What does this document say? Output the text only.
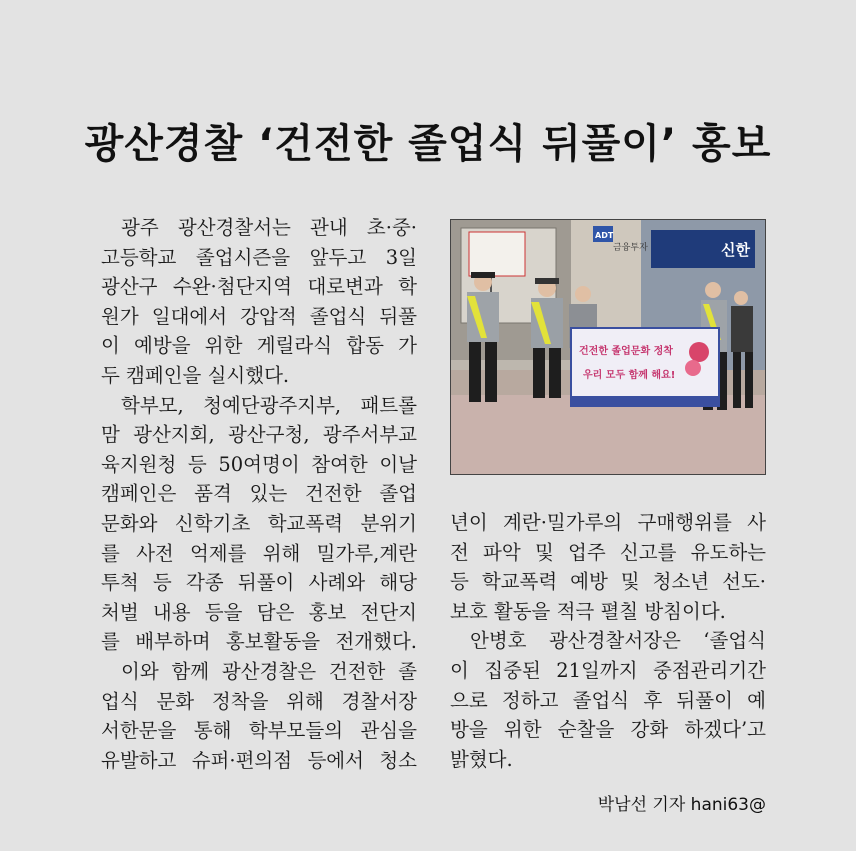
광산경찰 ‘건전한 졸업식 뒤풀이’ 홍보

광주 광산경찰서는 관내 초·중·

고등학교 졸업시즌을 앞두고 3일

광산구 수완·첨단지역 대로변과 학

원가 일대에서 강압적 졸업식 뒤풀

이 예방을 위한 게릴라식 합동 가

두 캠페인을 실시했다.

학부모, 청예단광주지부, 패트롤

맘 광산지회, 광산구청, 광주서부교

육지원청 등 50여명이 참여한 이날

캠페인은 품격 있는 건전한 졸업

문화와 신학기초 학교폭력 분위기

를 사전 억제를 위해 밀가루,계란

투척 등 각종 뒤풀이 사례와 해당

처벌 내용 등을 담은 홍보 전단지

를 배부하며 홍보활동을 전개했다.

이와 함께 광산경찰은 건전한 졸

업식 문화 정착을 위해 경찰서장

서한문을 통해 학부모들의 관심을

유발하고 슈퍼·편의점 등에서 청소

신한
ADT
금융투자
건전한 졸업문화 정착
우리 모두 함께 해요!

년이 계란·밀가루의 구매행위를 사

전 파악 및 업주 신고를 유도하는

등 학교폭력 예방 및 청소년 선도·

보호 활동을 적극 펼칠 방침이다.

안병호 광산경찰서장은 ‘졸업식

이 집중된 21일까지 중점관리기간

으로 정하고 졸업식 후 뒤풀이 예

방을 위한 순찰을 강화 하겠다’고

밝혔다.

박남선 기자 hani63@
